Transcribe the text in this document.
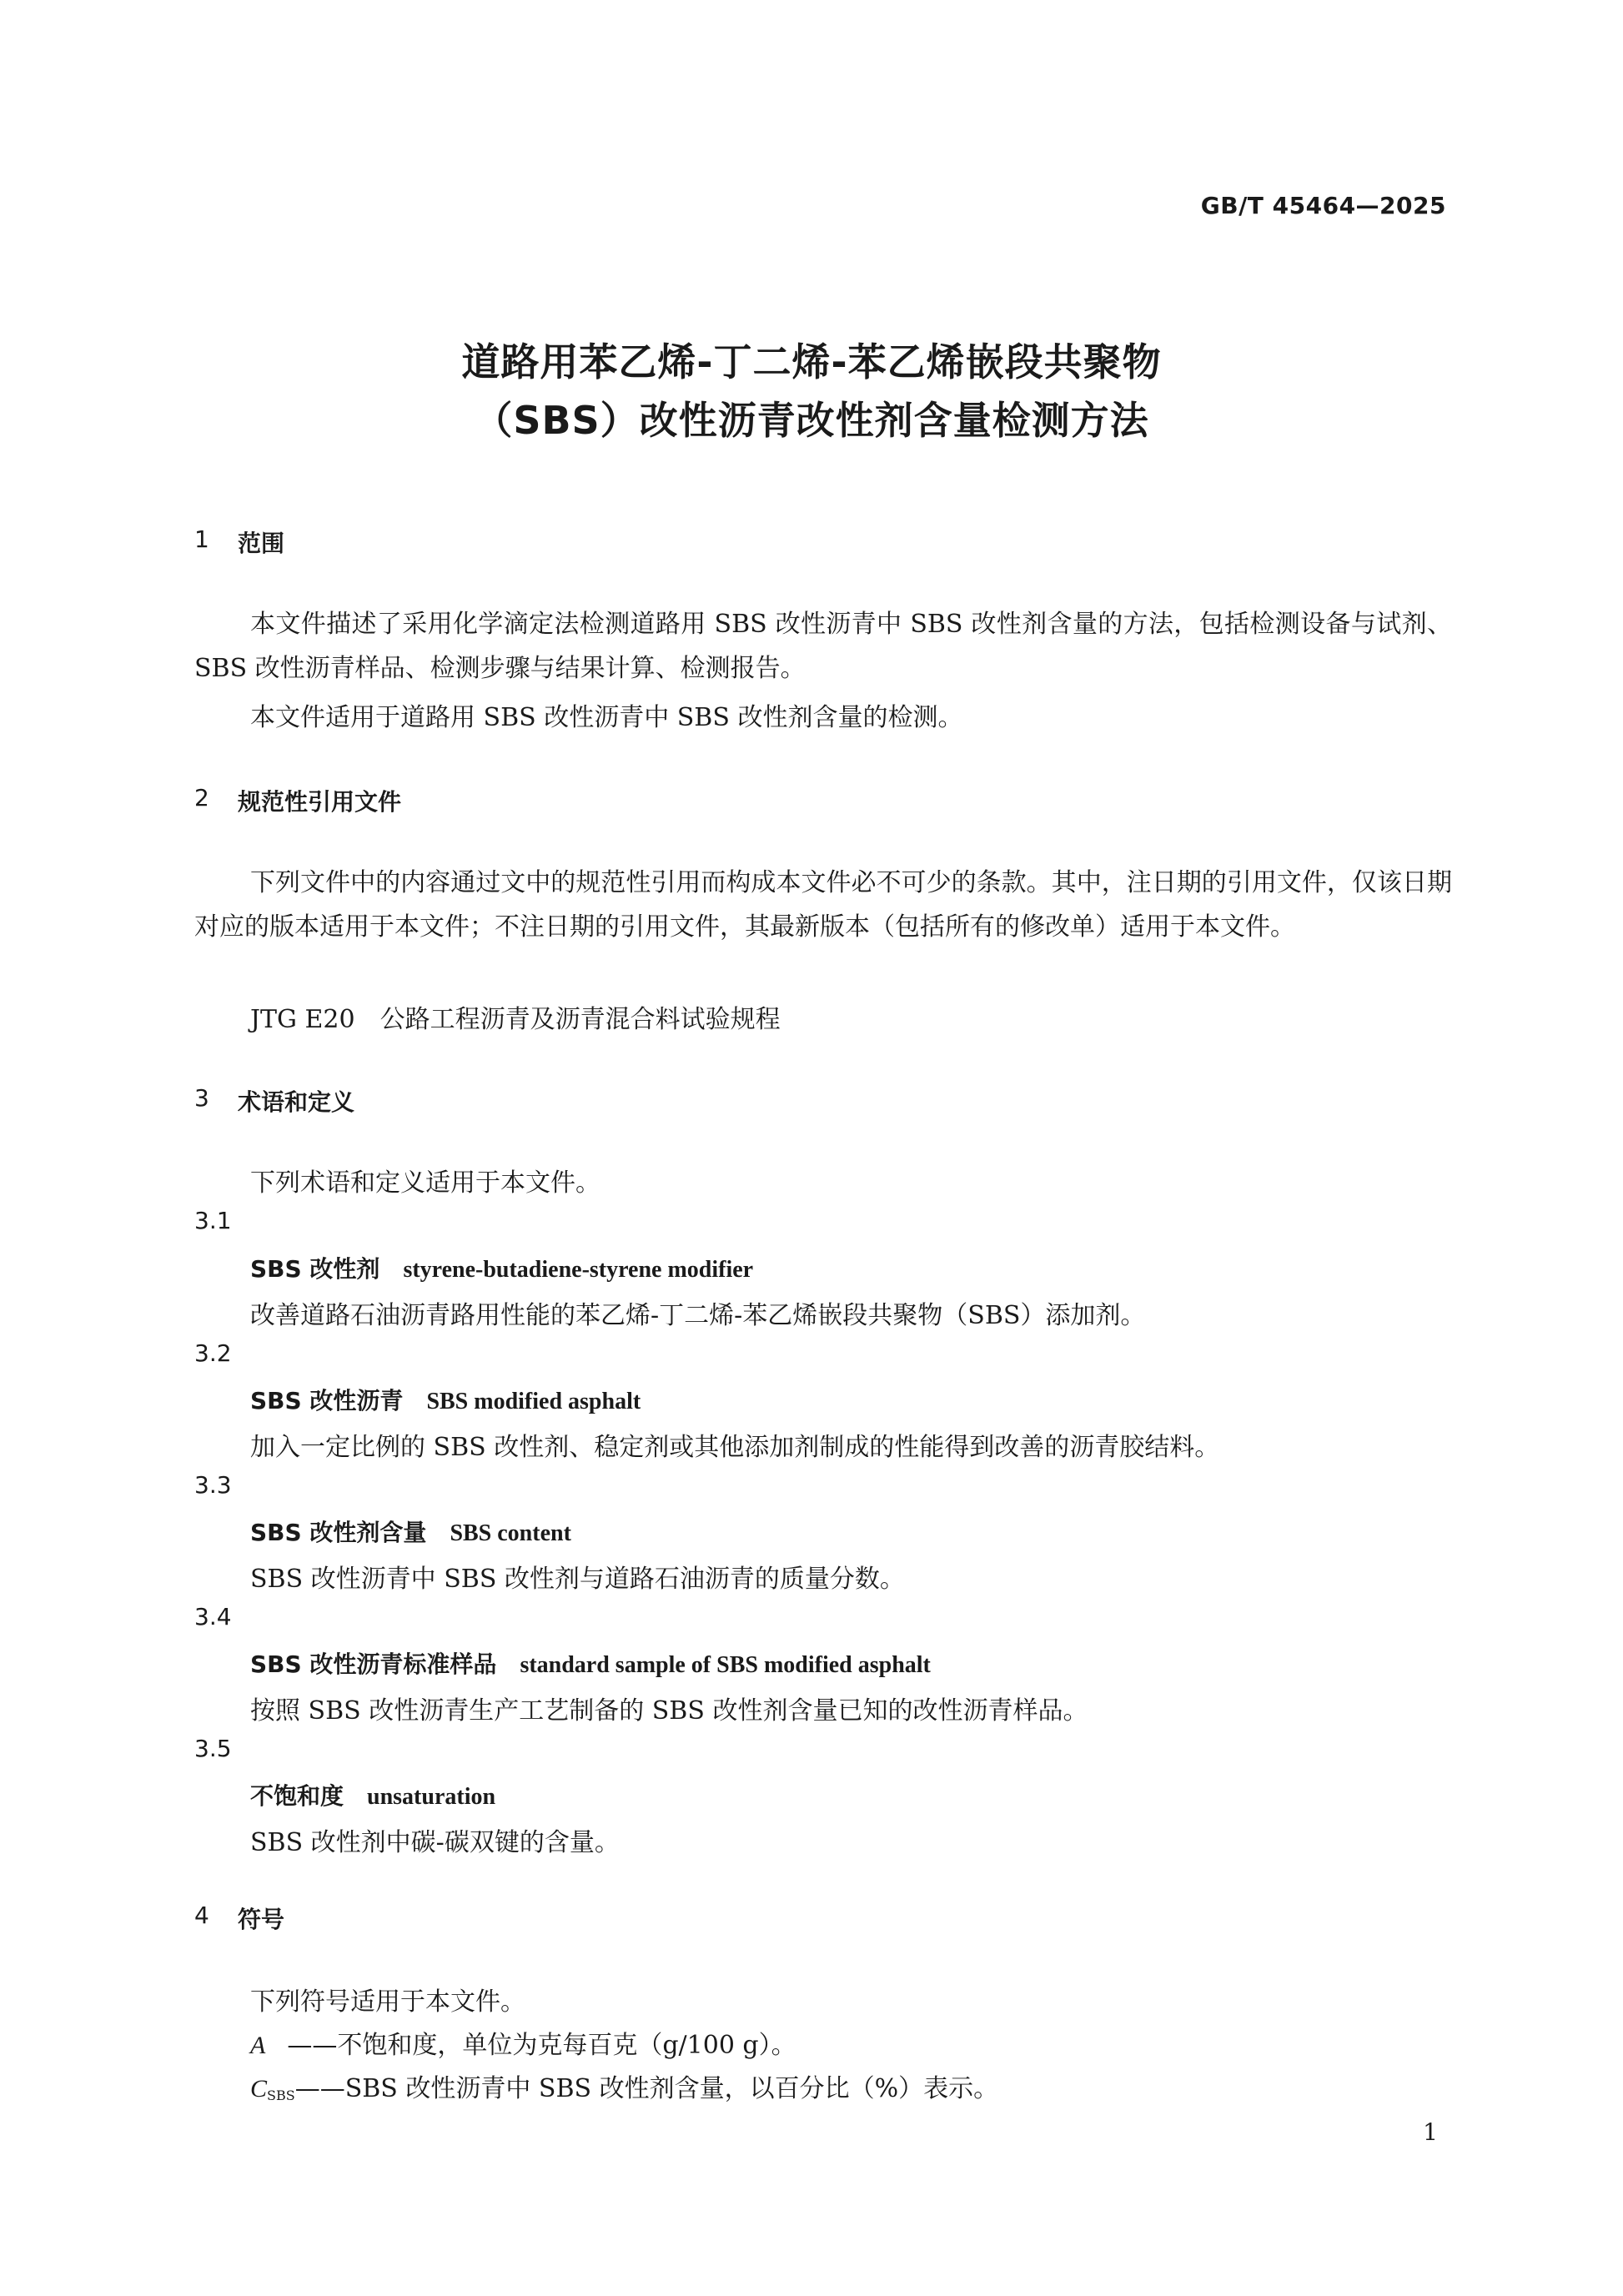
GB/T 45464—2025
道路用苯乙烯-丁二烯-苯乙烯嵌段共聚物
（SBS）改性沥青改性剂含量检测方法
1 范围
本文件描述了采用化学滴定法检测道路用 SBS 改性沥青中 SBS 改性剂含量的方法，包括检测设备与试剂、SBS 改性沥青样品、检测步骤与结果计算、检测报告。
本文件适用于道路用 SBS 改性沥青中 SBS 改性剂含量的检测。
2 规范性引用文件
下列文件中的内容通过文中的规范性引用而构成本文件必不可少的条款。其中，注日期的引用文件，仅该日期对应的版本适用于本文件；不注日期的引用文件，其最新版本（包括所有的修改单）适用于本文件。
JTG E20 公路工程沥青及沥青混合料试验规程
3 术语和定义
下列术语和定义适用于本文件。
3.1
SBS 改性剂 styrene-butadiene-styrene modifier
改善道路石油沥青路用性能的苯乙烯-丁二烯-苯乙烯嵌段共聚物（SBS）添加剂。
3.2
SBS 改性沥青 SBS modified asphalt
加入一定比例的 SBS 改性剂、稳定剂或其他添加剂制成的性能得到改善的沥青胶结料。
3.3
SBS 改性剂含量 SBS content
SBS 改性沥青中 SBS 改性剂与道路石油沥青的质量分数。
3.4
SBS 改性沥青标准样品 standard sample of SBS modified asphalt
按照 SBS 改性沥青生产工艺制备的 SBS 改性剂含量已知的改性沥青样品。
3.5
不饱和度 unsaturation
SBS 改性剂中碳-碳双键的含量。
4 符号
下列符号适用于本文件。
A ——不饱和度，单位为克每百克（g/100 g）。
$C_{SBS}——SBS$ 改性沥青中 SBS 改性剂含量，以百分比（%）表示。
1
